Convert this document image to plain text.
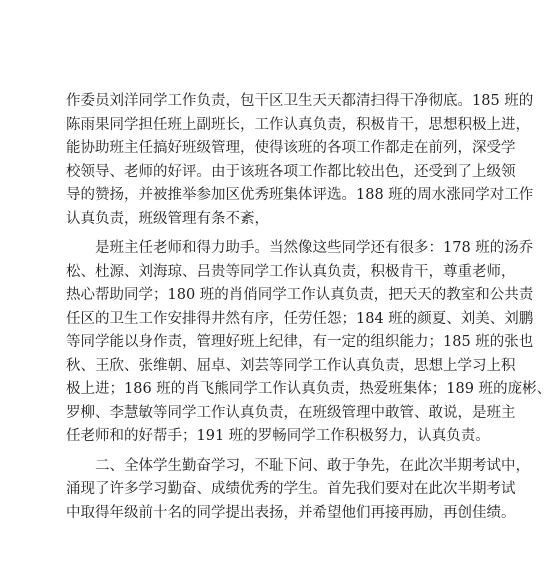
作委员刘洋同学工作负责，包干区卫生天天都清扫得干净彻底。185 班的
陈雨果同学担任班上副班长，工作认真负责，积极肯干，思想积极上进，
能协助班主任搞好班级管理，使得该班的各项工作都走在前列，深受学
校领导、老师的好评。由于该班各项工作都比较出色，还受到了上级领
导的赞扬，并被推举参加区优秀班集体评选。188 班的周水涨同学对工作
认真负责，班级管理有条不紊，
　　是班主任老师和得力助手。当然像这些同学还有很多：178 班的汤乔
松、杜源、刘海琼、吕贵等同学工作认真负责，积极肯干，尊重老师，
热心帮助同学；180 班的肖俏同学工作认真负责，把天天的教室和公共责
任区的卫生工作安排得井然有序，任劳任怨；184 班的颜夏、刘美、刘鹏
等同学能以身作责，管理好班上纪律，有一定的组织能力；185 班的张也
秋、王欣、张维朝、屈卓、刘芸等同学工作认真负责，思想上学习上积
极上进；186 班的肖飞熊同学工作认真负责，热爱班集体；189 班的庞彬、
罗柳、李慧敏等同学工作认真负责，在班级管理中敢管、敢说，是班主
任老师和的好帮手；191 班的罗畅同学工作积极努力，认真负责。
　　二、全体学生勤奋学习，不耻下问、敢于争先，在此次半期考试中，
涌现了许多学习勤奋、成绩优秀的学生。首先我们要对在此次半期考试
中取得年级前十名的同学提出表扬，并希望他们再接再励，再创佳绩。
